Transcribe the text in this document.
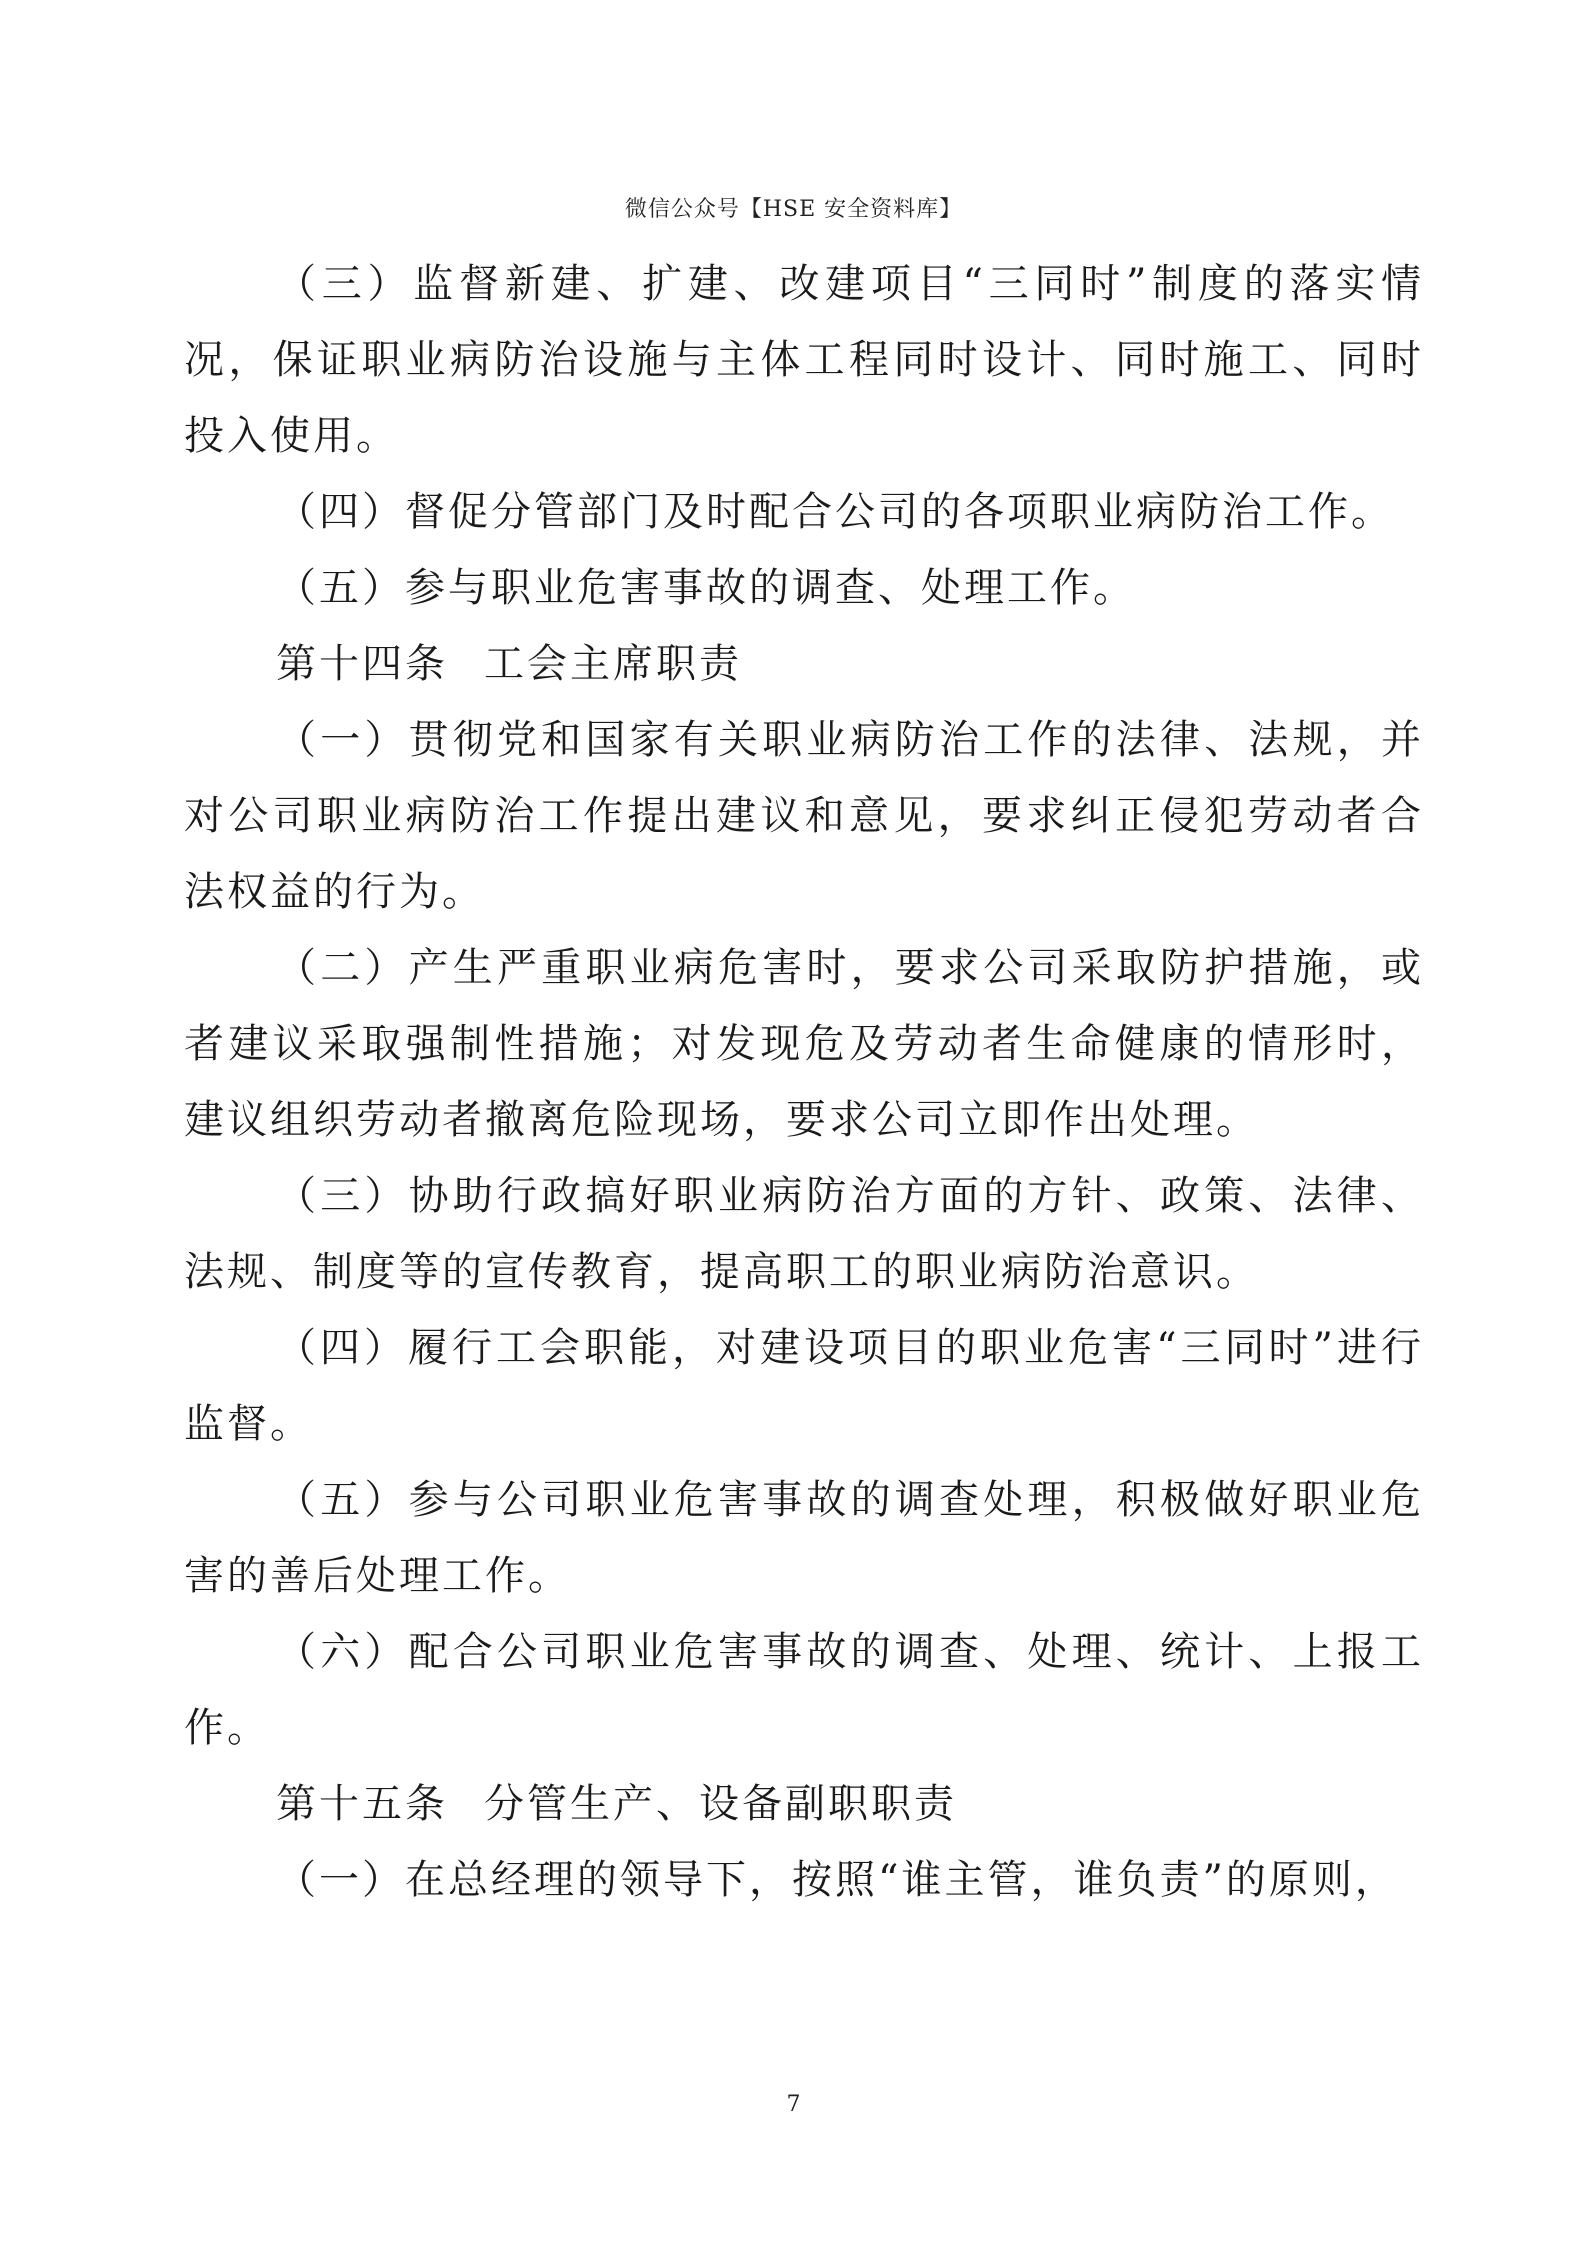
微信公众号【HSE 安全资料库】

（三）监督新建、扩建、改建项目“三同时”制度的落实情况，保证职业病防治设施与主体工程同时设计、同时施工、同时投入使用。

（四）督促分管部门及时配合公司的各项职业病防治工作。

（五）参与职业危害事故的调查、处理工作。

第十四条 工会主席职责

（一）贯彻党和国家有关职业病防治工作的法律、法规，并对公司职业病防治工作提出建议和意见，要求纠正侵犯劳动者合法权益的行为。

（二）产生严重职业病危害时，要求公司采取防护措施，或者建议采取强制性措施；对发现危及劳动者生命健康的情形时，建议组织劳动者撤离危险现场，要求公司立即作出处理。

（三）协助行政搞好职业病防治方面的方针、政策、法律、法规、制度等的宣传教育，提高职工的职业病防治意识。

（四）履行工会职能，对建设项目的职业危害“三同时”进行监督。

（五）参与公司职业危害事故的调查处理，积极做好职业危害的善后处理工作。

（六）配合公司职业危害事故的调查、处理、统计、上报工作。

第十五条 分管生产、设备副职职责

（一）在总经理的领导下，按照“谁主管，谁负责”的原则，

7
